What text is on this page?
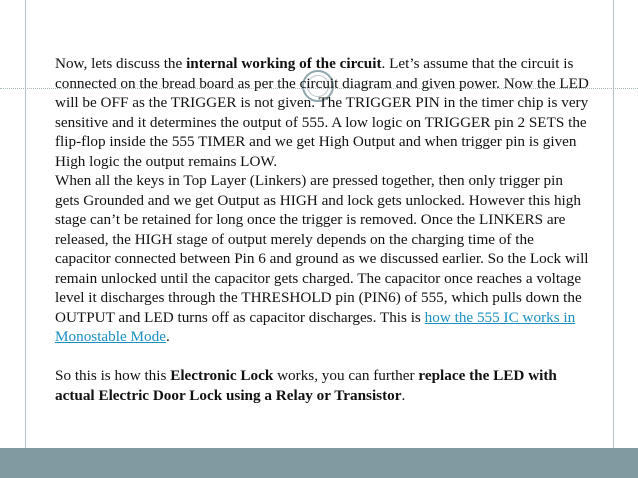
Now, lets discuss the internal working of the circuit. Let’s assume that the circuit is connected on the bread board as per the circuit diagram and given power. Now the LED will be OFF as the TRIGGER is not given. The TRIGGER PIN in the timer chip is very sensitive and it determines the output of 555. A low logic on TRIGGER pin 2 SETS the flip-flop inside the 555 TIMER and we get High Output and when trigger pin is given High logic the output remains LOW.

When all the keys in Top Layer (Linkers) are pressed together, then only trigger pin gets Grounded and we get Output as HIGH and lock gets unlocked. However this high stage can’t be retained for long once the trigger is removed. Once the LINKERS are released, the HIGH stage of output merely depends on the charging time of the capacitor connected between Pin 6 and ground as we discussed earlier. So the Lock will remain unlocked until the capacitor gets charged. The capacitor once reaches a voltage level it discharges through the THRESHOLD pin (PIN6) of 555, which pulls down the OUTPUT and LED turns off as capacitor discharges. This is how the 555 IC works in Monostable Mode.

So this is how this Electronic Lock works, you can further replace the LED with actual Electric Door Lock using a Relay or Transistor.
